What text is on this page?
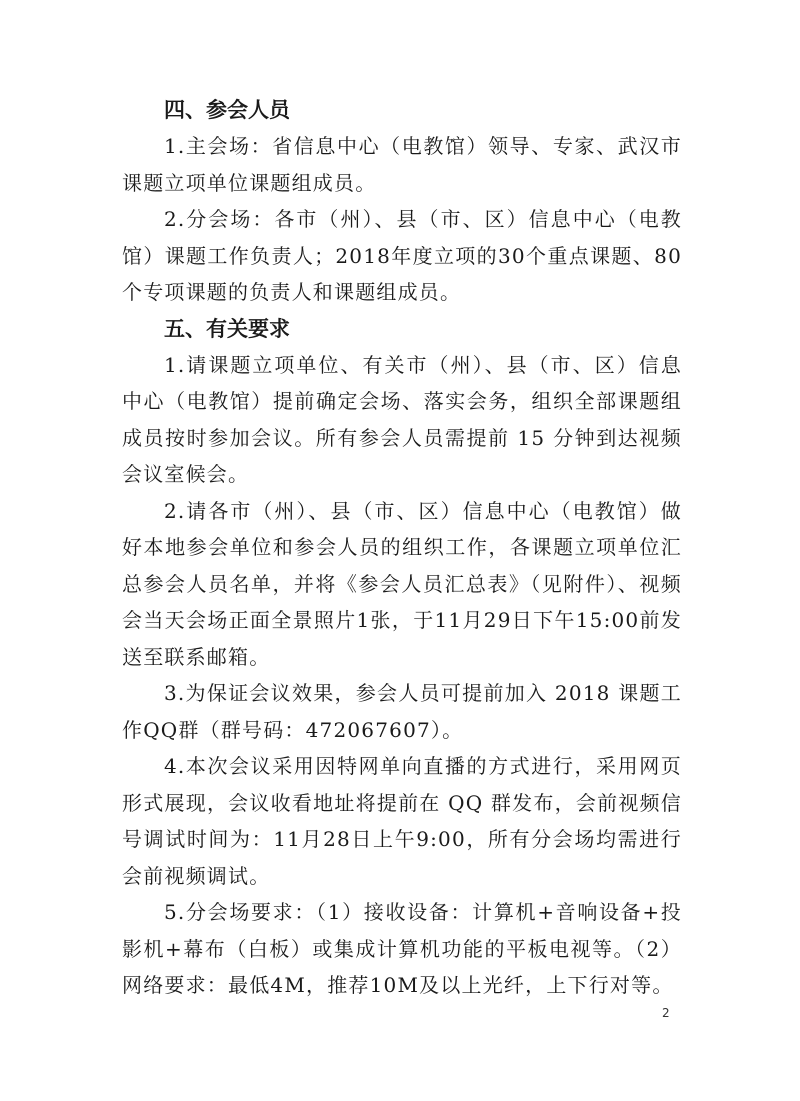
四、参会人员

1.主会场：省信息中心（电教馆）领导、专家、武汉市课题立项单位课题组成员。

2.分会场：各市（州）、县（市、区）信息中心（电教馆）课题工作负责人；2018年度立项的30个重点课题、80个专项课题的负责人和课题组成员。

五、有关要求

1.请课题立项单位、有关市（州）、县（市、区）信息中心（电教馆）提前确定会场、落实会务，组织全部课题组成员按时参加会议。所有参会人员需提前 15 分钟到达视频会议室候会。

2.请各市（州）、县（市、区）信息中心（电教馆）做好本地参会单位和参会人员的组织工作，各课题立项单位汇总参会人员名单，并将《参会人员汇总表》（见附件）、视频会当天会场正面全景照片1张，于11月29日下午15:00前发送至联系邮箱。

3.为保证会议效果，参会人员可提前加入 2018 课题工作QQ群（群号码：472067607）。

4.本次会议采用因特网单向直播的方式进行，采用网页形式展现，会议收看地址将提前在 QQ 群发布，会前视频信号调试时间为：11月28日上午9:00，所有分会场均需进行会前视频调试。

5.分会场要求：（1）接收设备：计算机+音响设备+投影机+幕布（白板）或集成计算机功能的平板电视等。（2）网络要求：最低4M，推荐10M及以上光纤，上下行对等。

2
